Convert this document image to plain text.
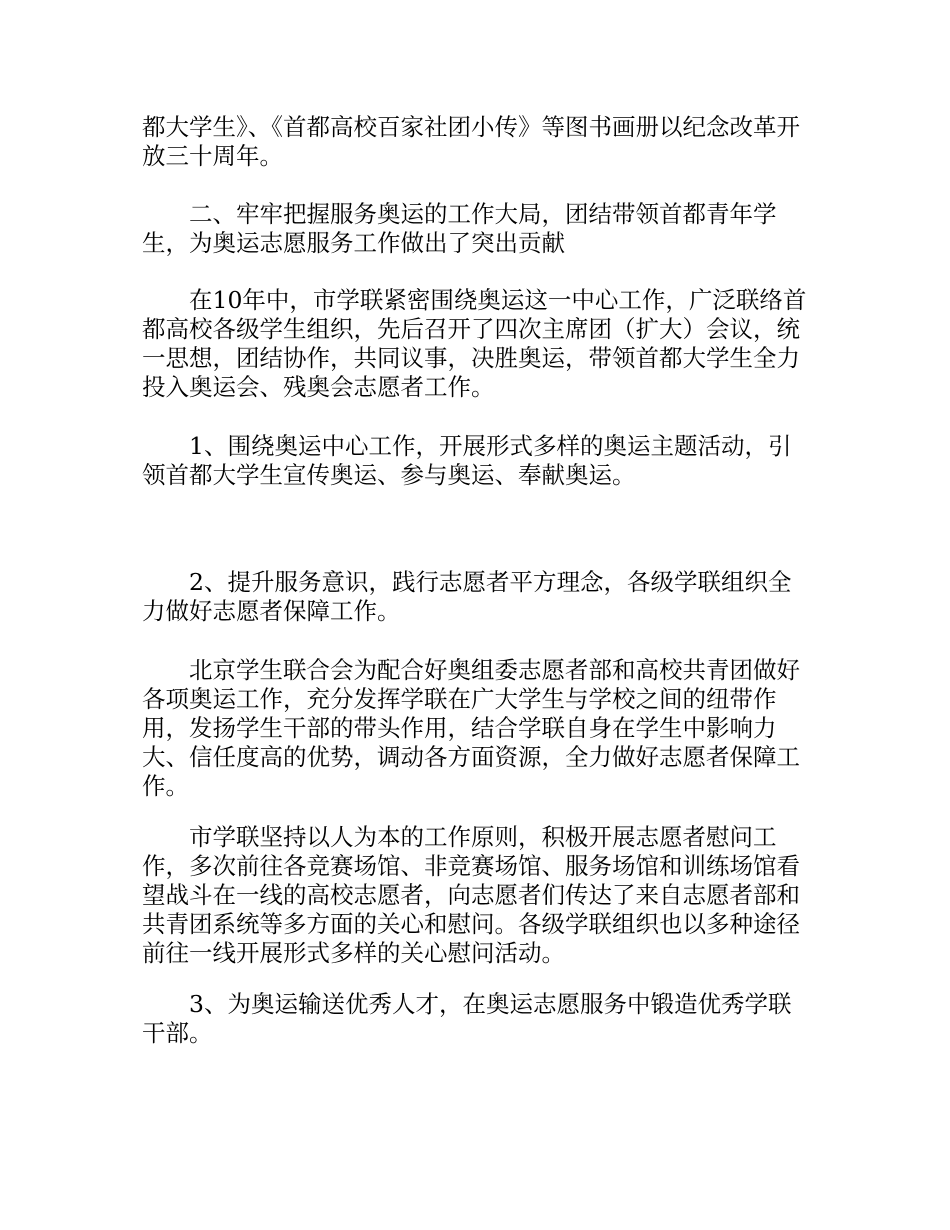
都大学生》、《首都高校百家社团小传》等图书画册以纪念改革开放三十周年。

二、牢牢把握服务奥运的工作大局，团结带领首都青年学生，为奥运志愿服务工作做出了突出贡献

在10年中，市学联紧密围绕奥运这一中心工作，广泛联络首都高校各级学生组织，先后召开了四次主席团（扩大）会议，统一思想，团结协作，共同议事，决胜奥运，带领首都大学生全力投入奥运会、残奥会志愿者工作。

1、围绕奥运中心工作，开展形式多样的奥运主题活动，引领首都大学生宣传奥运、参与奥运、奉献奥运。

2、提升服务意识，践行志愿者平方理念，各级学联组织全力做好志愿者保障工作。

北京学生联合会为配合好奥组委志愿者部和高校共青团做好各项奥运工作，充分发挥学联在广大学生与学校之间的纽带作用，发扬学生干部的带头作用，结合学联自身在学生中影响力大、信任度高的优势，调动各方面资源，全力做好志愿者保障工作。

市学联坚持以人为本的工作原则，积极开展志愿者慰问工作，多次前往各竞赛场馆、非竞赛场馆、服务场馆和训练场馆看望战斗在一线的高校志愿者，向志愿者们传达了来自志愿者部和共青团系统等多方面的关心和慰问。各级学联组织也以多种途径前往一线开展形式多样的关心慰问活动。

3、为奥运输送优秀人才，在奥运志愿服务中锻造优秀学联干部。
